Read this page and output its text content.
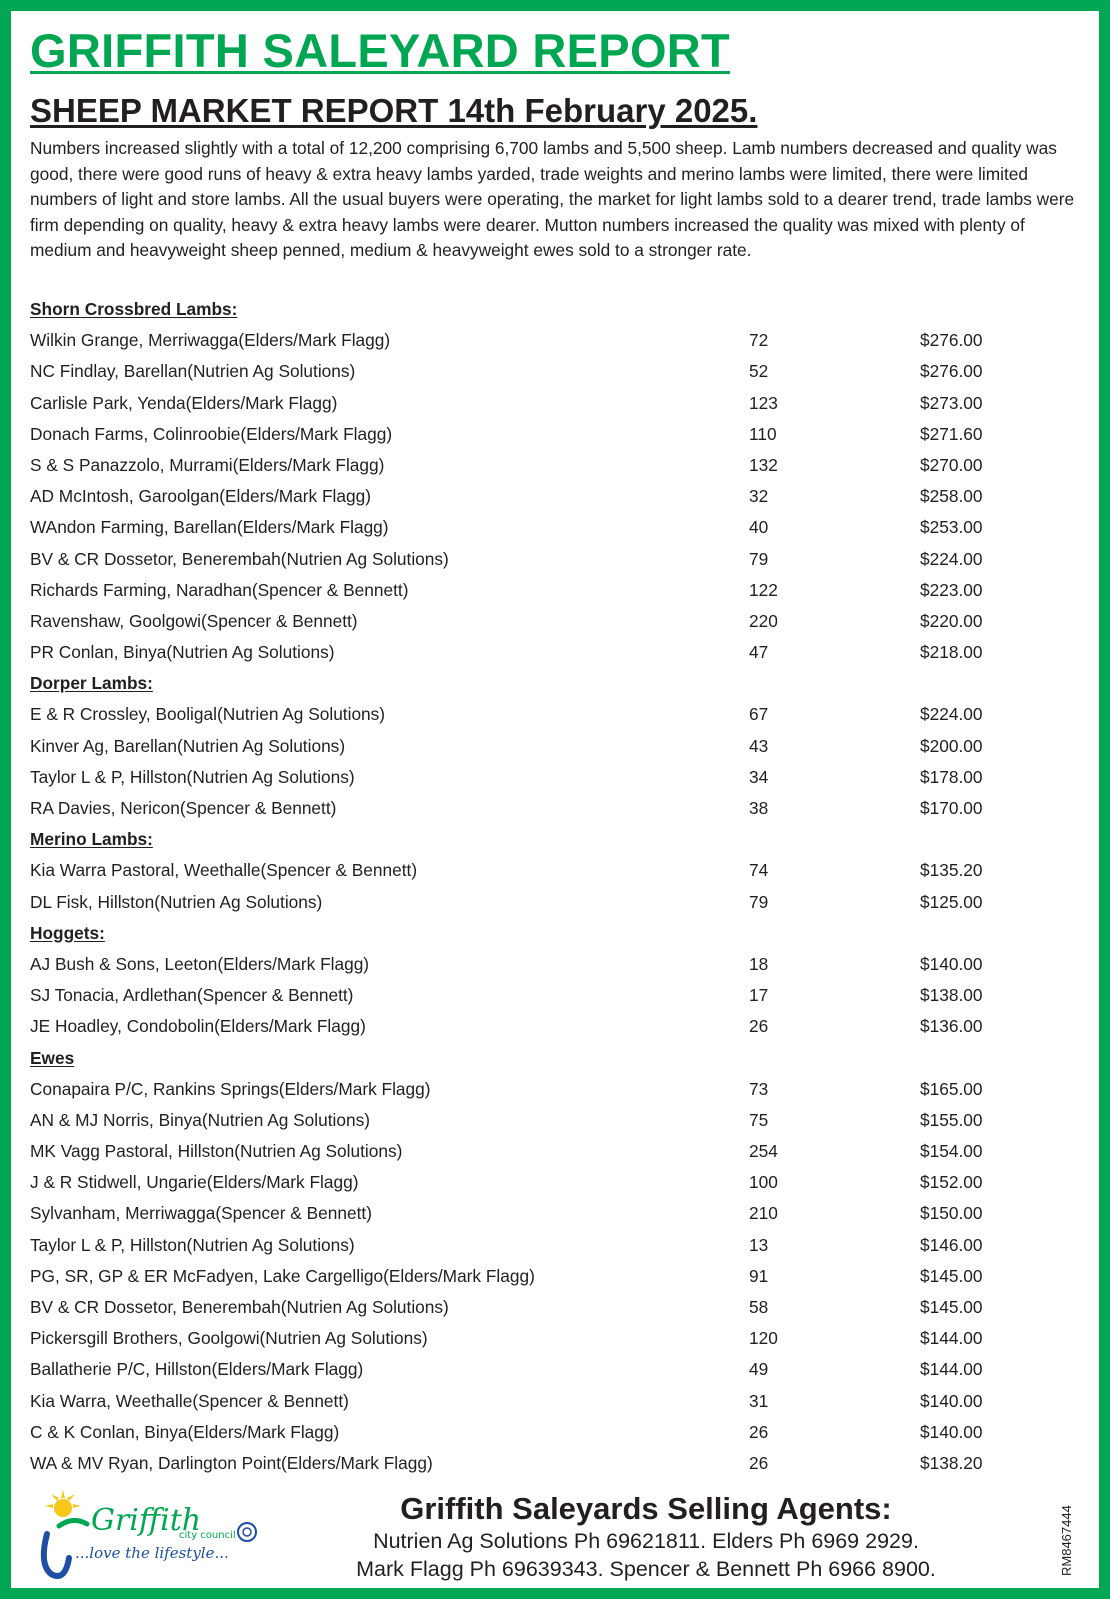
GRIFFITH SALEYARD REPORT
SHEEP MARKET REPORT 14th February 2025.
Numbers increased slightly with a total of 12,200 comprising 6,700 lambs and 5,500 sheep. Lamb numbers decreased and quality was good, there were good runs of heavy & extra heavy lambs yarded, trade weights and merino lambs were limited, there were limited numbers of light and store lambs. All the usual buyers were operating, the market for light lambs sold to a dearer trend, trade lambs were firm depending on quality, heavy & extra heavy lambs were dearer. Mutton numbers increased the quality was mixed with plenty of medium and heavyweight sheep penned, medium & heavyweight ewes sold to a stronger rate.
Shorn Crossbred Lambs:
Wilkin Grange, Merriwagga(Elders/Mark Flagg)	72	$276.00
NC Findlay, Barellan(Nutrien Ag Solutions)	52	$276.00
Carlisle Park, Yenda(Elders/Mark Flagg)	123	$273.00
Donach Farms, Colinroobie(Elders/Mark Flagg)	110	$271.60
S & S Panazzolo, Murrami(Elders/Mark Flagg)	132	$270.00
AD McIntosh, Garoolgan(Elders/Mark Flagg)	32	$258.00
WAndon Farming, Barellan(Elders/Mark Flagg)	40	$253.00
BV & CR Dossetor, Benerembah(Nutrien Ag Solutions)	79	$224.00
Richards Farming, Naradhan(Spencer & Bennett)	122	$223.00
Ravenshaw, Goolgowi(Spencer & Bennett)	220	$220.00
PR Conlan, Binya(Nutrien Ag Solutions)	47	$218.00
Dorper Lambs:
E & R Crossley, Booligal(Nutrien Ag Solutions)	67	$224.00
Kinver Ag, Barellan(Nutrien Ag Solutions)	43	$200.00
Taylor L & P, Hillston(Nutrien Ag Solutions)	34	$178.00
RA Davies, Nericon(Spencer & Bennett)	38	$170.00
Merino Lambs:
Kia Warra Pastoral, Weethalle(Spencer & Bennett)	74	$135.20
DL Fisk, Hillston(Nutrien Ag Solutions)	79	$125.00
Hoggets:
AJ Bush & Sons, Leeton(Elders/Mark Flagg)	18	$140.00
SJ Tonacia, Ardlethan(Spencer & Bennett)	17	$138.00
JE Hoadley, Condobolin(Elders/Mark Flagg)	26	$136.00
Ewes
Conapaira P/C, Rankins Springs(Elders/Mark Flagg)	73	$165.00
AN & MJ Norris, Binya(Nutrien Ag Solutions)	75	$155.00
MK Vagg Pastoral, Hillston(Nutrien Ag Solutions)	254	$154.00
J & R Stidwell, Ungarie(Elders/Mark Flagg)	100	$152.00
Sylvanham, Merriwagga(Spencer & Bennett)	210	$150.00
Taylor L & P, Hillston(Nutrien Ag Solutions)	13	$146.00
PG, SR, GP & ER McFadyen, Lake Cargelligo(Elders/Mark Flagg)	91	$145.00
BV & CR Dossetor, Benerembah(Nutrien Ag Solutions)	58	$145.00
Pickersgill Brothers, Goolgowi(Nutrien Ag Solutions)	120	$144.00
Ballatherie P/C, Hillston(Elders/Mark Flagg)	49	$144.00
Kia Warra, Weethalle(Spencer & Bennett)	31	$140.00
C & K Conlan, Binya(Elders/Mark Flagg)	26	$140.00
WA & MV Ryan, Darlington Point(Elders/Mark Flagg)	26	$138.20
Griffith
city council
...love the lifestyle...
Griffith Saleyards Selling Agents:
Nutrien Ag Solutions Ph 69621811. Elders Ph 6969 2929.
Mark Flagg Ph 69639343. Spencer & Bennett Ph 6966 8900.	RM8467444
